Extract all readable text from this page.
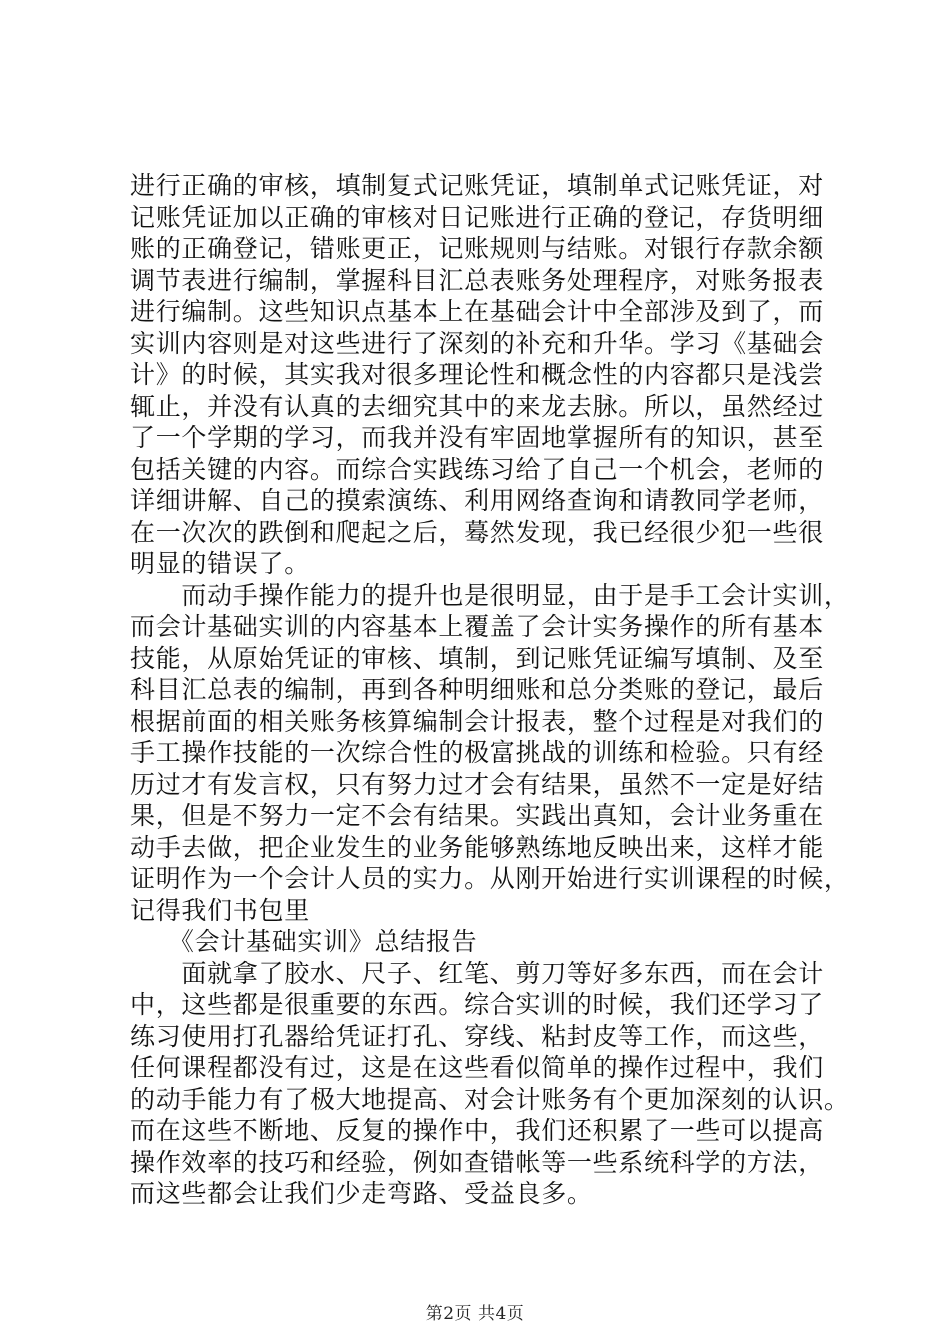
进行正确的审核，填制复式记账凭证，填制单式记账凭证，对
记账凭证加以正确的审核对日记账进行正确的登记，存货明细
账的正确登记，错账更正，记账规则与结账。对银行存款余额
调节表进行编制，掌握科目汇总表账务处理程序，对账务报表
进行编制。这些知识点基本上在基础会计中全部涉及到了，而
实训内容则是对这些进行了深刻的补充和升华。学习《基础会
计》的时候，其实我对很多理论性和概念性的内容都只是浅尝
辄止，并没有认真的去细究其中的来龙去脉。所以，虽然经过
了一个学期的学习，而我并没有牢固地掌握所有的知识，甚至
包括关键的内容。而综合实践练习给了自己一个机会，老师的
详细讲解、自己的摸索演练、利用网络查询和请教同学老师，
在一次次的跌倒和爬起之后，蓦然发现，我已经很少犯一些很
明显的错误了。
　　而动手操作能力的提升也是很明显，由于是手工会计实训，
而会计基础实训的内容基本上覆盖了会计实务操作的所有基本
技能，从原始凭证的审核、填制，到记账凭证编写填制、及至
科目汇总表的编制，再到各种明细账和总分类账的登记，最后
根据前面的相关账务核算编制会计报表，整个过程是对我们的
手工操作技能的一次综合性的极富挑战的训练和检验。只有经
历过才有发言权，只有努力过才会有结果，虽然不一定是好结
果，但是不努力一定不会有结果。实践出真知，会计业务重在
动手去做，把企业发生的业务能够熟练地反映出来，这样才能
证明作为一个会计人员的实力。从刚开始进行实训课程的时候，
记得我们书包里
　　《会计基础实训》总结报告
　　面就拿了胶水、尺子、红笔、剪刀等好多东西，而在会计
中，这些都是很重要的东西。综合实训的时候，我们还学习了
练习使用打孔器给凭证打孔、穿线、粘封皮等工作，而这些，
任何课程都没有过，这是在这些看似简单的操作过程中，我们
的动手能力有了极大地提高、对会计账务有个更加深刻的认识。
而在这些不断地、反复的操作中，我们还积累了一些可以提高
操作效率的技巧和经验，例如查错帐等一些系统科学的方法，
而这些都会让我们少走弯路、受益良多。
第2页 共4页
